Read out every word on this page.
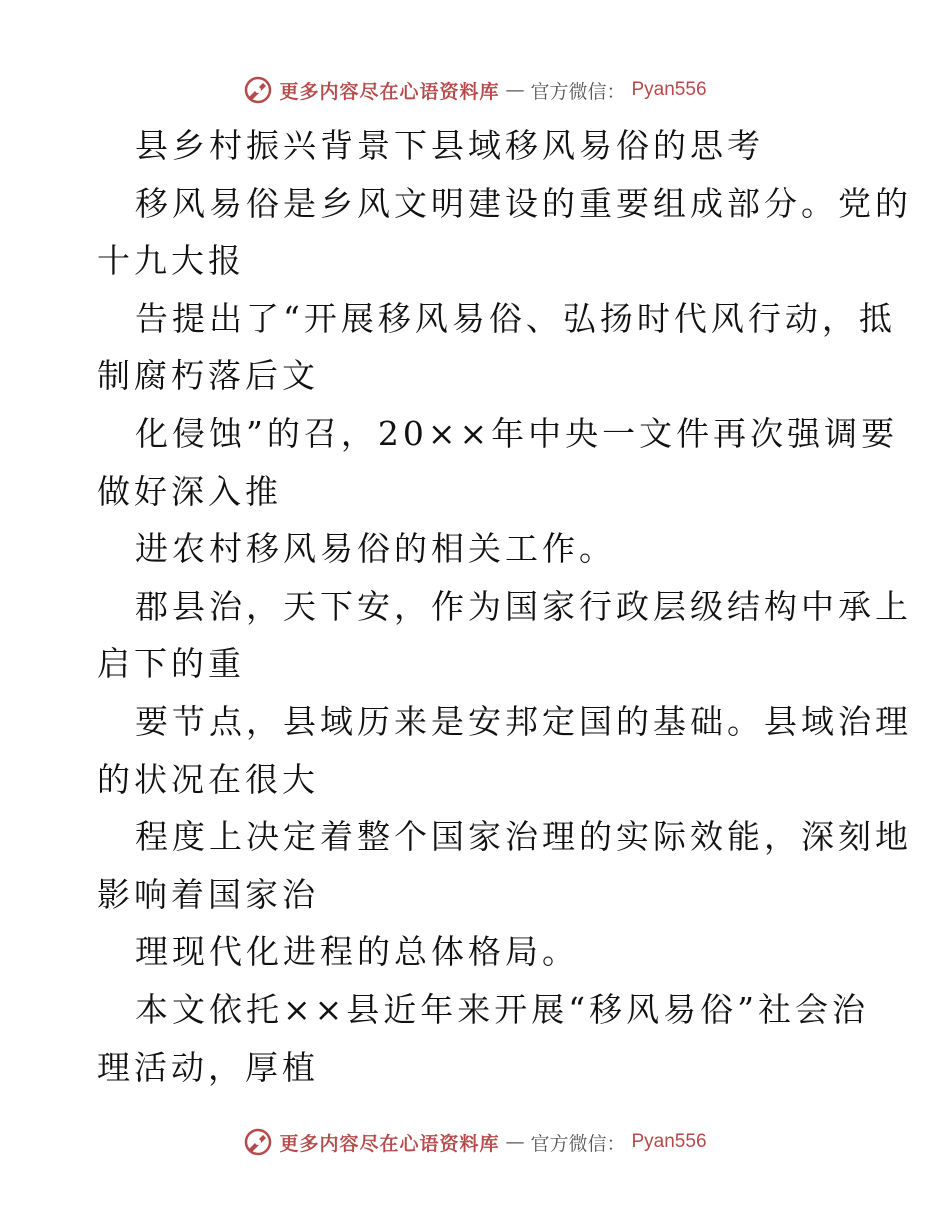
更多内容尽在心语资料库 — 官方微信： Pyan556
县乡村振兴背景下县域移风易俗的思考
移风易俗是乡风文明建设的重要组成部分。党的
十九大报
告提出了“开展移风易俗、弘扬时代风行动，抵
制腐朽落后文
化侵蚀”的召，20××年中央一文件再次强调要
做好深入推
进农村移风易俗的相关工作。
郡县治，天下安，作为国家行政层级结构中承上
启下的重
要节点，县域历来是安邦定国的基础。县域治理
的状况在很大
程度上决定着整个国家治理的实际效能，深刻地
影响着国家治
理现代化进程的总体格局。
本文依托××县近年来开展“移风易俗”社会治
理活动，厚植
更多内容尽在心语资料库 — 官方微信： Pyan556
